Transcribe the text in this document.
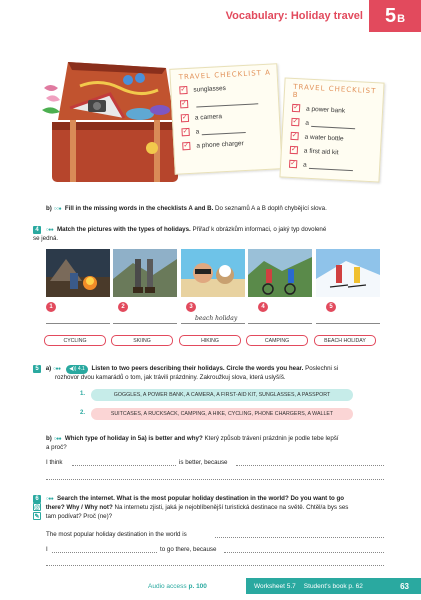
Vocabulary: Holiday travel 5 B
TRAVEL CHECKLIST A
✓ sunglasses
✓
✓ a camera
✓ a
✓ a phone charger
TRAVEL CHECKLIST B
✓ a power bank
✓ a
✓ a water bottle
✓ a first aid kit
✓ a
b) ○○● Fill in the missing words in the checklists A and B. Do seznamů A a B doplň chybějící slova.
4 ○●● Match the pictures with the types of holidays. Přiřaď k obrázkům informaci, o jaký typ dovolené
se jedná.
1	2	3	4	5
beach holiday
CYCLING	SKIING	HIKING	CAMPING	BEACH HOLIDAY
5 a) ○●● ◀)) 4.1 Listen to two peers describing their holidays. Circle the words you hear. Poslechni si
rozhovor dvou kamarádů o tom, jak trávili prázdniny. Zakroužkuj slova, která uslyšíš.
1.	GOGGLES, A POWER BANK, A CAMERA, A FIRST-AID KIT, SUNGLASSES, A PASSPORT
2.	SUITCASES, A RUCKSACK, CAMPING, A HIKE, CYCLING, PHONE CHARGERS, A WALLET
b) ○●● Which type of holiday in 5a) is better and why? Který způsob trávení prázdnin je podle tebe lepší
a proč?
I think	is better, because
6 ○●● Search the internet. What is the most popular holiday destination in the world? Do you want to go
@ there? Why / Why not? Na internetu zjisti, jaká je nejoblíbenější turistická destinace na světě. Chtěl/a bys ses
✎ tam podívat? Proč (ne)?
The most popular holiday destination in the world is
I	to go there, because
Audio access p. 100	Worksheet 5.7 Student's book p. 62	63
